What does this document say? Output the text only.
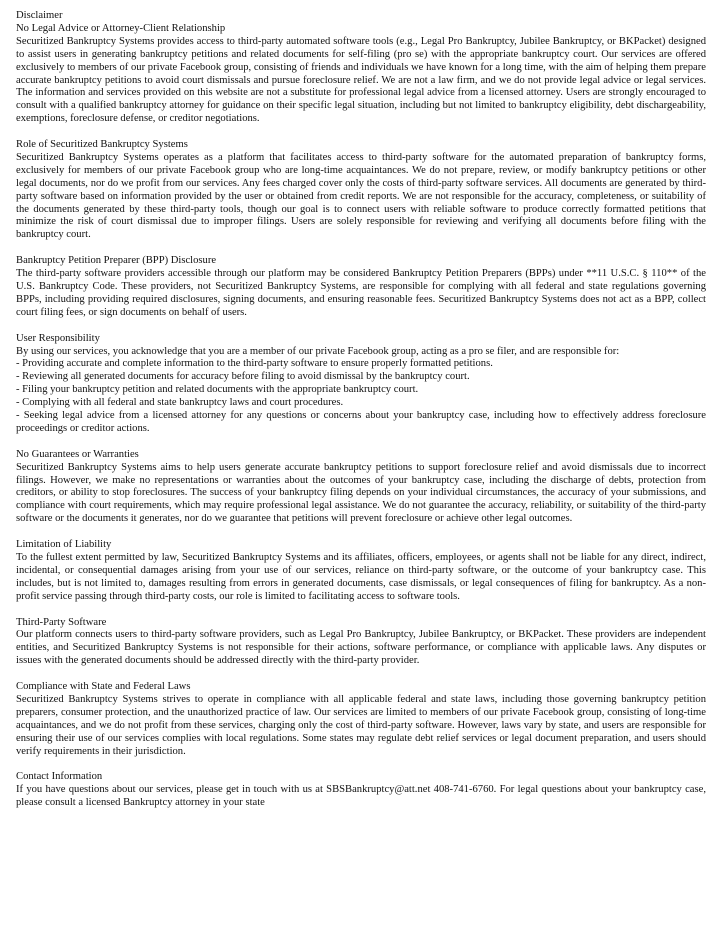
Disclaimer
No Legal Advice or Attorney-Client Relationship

Securitized Bankruptcy Systems provides access to third-party automated software tools (e.g., Legal Pro Bankruptcy, Jubilee Bankruptcy, or BKPacket) designed to assist users in generating bankruptcy petitions and related documents for self-filing (pro se) with the appropriate bankruptcy court. Our services are offered exclusively to members of our private Facebook group, consisting of friends and individuals we have known for a long time, with the aim of helping them prepare accurate bankruptcy petitions to avoid court dismissals and pursue foreclosure relief. We are not a law firm, and we do not provide legal advice or legal services. The information and services provided on this website are not a substitute for professional legal advice from a licensed attorney. Users are strongly encouraged to consult with a qualified bankruptcy attorney for guidance on their specific legal situation, including but not limited to bankruptcy eligibility, debt dischargeability, exemptions, foreclosure defense, or creditor negotiations.

Role of Securitized Bankruptcy Systems

Securitized Bankruptcy Systems operates as a platform that facilitates access to third-party software for the automated preparation of bankruptcy forms, exclusively for members of our private Facebook group who are long-time acquaintances. We do not prepare, review, or modify bankruptcy petitions or other legal documents, nor do we profit from our services. Any fees charged cover only the costs of third-party software services. All documents are generated by third-party software based on information provided by the user or obtained from credit reports. We are not responsible for the accuracy, completeness, or suitability of the documents generated by these third-party tools, though our goal is to connect users with reliable software to produce correctly formatted petitions that minimize the risk of court dismissal due to improper filings. Users are solely responsible for reviewing and verifying all documents before filing with the bankruptcy court.

Bankruptcy Petition Preparer (BPP) Disclosure

The third-party software providers accessible through our platform may be considered Bankruptcy Petition Preparers (BPPs) under **11 U.S.C. § 110** of the U.S. Bankruptcy Code. These providers, not Securitized Bankruptcy Systems, are responsible for complying with all federal and state regulations governing BPPs, including providing required disclosures, signing documents, and ensuring reasonable fees. Securitized Bankruptcy Systems does not act as a BPP, collect court filing fees, or sign documents on behalf of users.

User Responsibility

By using our services, you acknowledge that you are a member of our private Facebook group, acting as a pro se filer, and are responsible for:

- Providing accurate and complete information to the third-party software to ensure properly formatted petitions.
- Reviewing all generated documents for accuracy before filing to avoid dismissal by the bankruptcy court.
- Filing your bankruptcy petition and related documents with the appropriate bankruptcy court.
- Complying with all federal and state bankruptcy laws and court procedures.
- Seeking legal advice from a licensed attorney for any questions or concerns about your bankruptcy case, including how to effectively address foreclosure proceedings or creditor actions.
No Guarantees or Warranties

Securitized Bankruptcy Systems aims to help users generate accurate bankruptcy petitions to support foreclosure relief and avoid dismissals due to incorrect filings. However, we make no representations or warranties about the outcomes of your bankruptcy case, including the discharge of debts, protection from creditors, or ability to stop foreclosures. The success of your bankruptcy filing depends on your individual circumstances, the accuracy of your submissions, and compliance with court requirements, which may require professional legal assistance. We do not guarantee the accuracy, reliability, or suitability of the third-party software or the documents it generates, nor do we guarantee that petitions will prevent foreclosure or achieve other legal outcomes.

Limitation of Liability

To the fullest extent permitted by law, Securitized Bankruptcy Systems and its affiliates, officers, employees, or agents shall not be liable for any direct, indirect, incidental, or consequential damages arising from your use of our services, reliance on third-party software, or the outcome of your bankruptcy case. This includes, but is not limited to, damages resulting from errors in generated documents, case dismissals, or legal consequences of filing for bankruptcy. As a non-profit service passing through third-party costs, our role is limited to facilitating access to software tools.

Third-Party Software

Our platform connects users to third-party software providers, such as Legal Pro Bankruptcy, Jubilee Bankruptcy, or BKPacket. These providers are independent entities, and Securitized Bankruptcy Systems is not responsible for their actions, software performance, or compliance with applicable laws. Any disputes or issues with the generated documents should be addressed directly with the third-party provider.

Compliance with State and Federal Laws

Securitized Bankruptcy Systems strives to operate in compliance with all applicable federal and state laws, including those governing bankruptcy petition preparers, consumer protection, and the unauthorized practice of law. Our services are limited to members of our private Facebook group, consisting of long-time acquaintances, and we do not profit from these services, charging only the cost of third-party software. However, laws vary by state, and users are responsible for ensuring their use of our services complies with local regulations. Some states may regulate debt relief services or legal document preparation, and users should verify requirements in their jurisdiction.

Contact Information

If you have questions about our services, please get in touch with us at SBSBankruptcy@att.net 408-741-6760. For legal questions about your bankruptcy case, please consult a licensed Bankruptcy attorney in your state
